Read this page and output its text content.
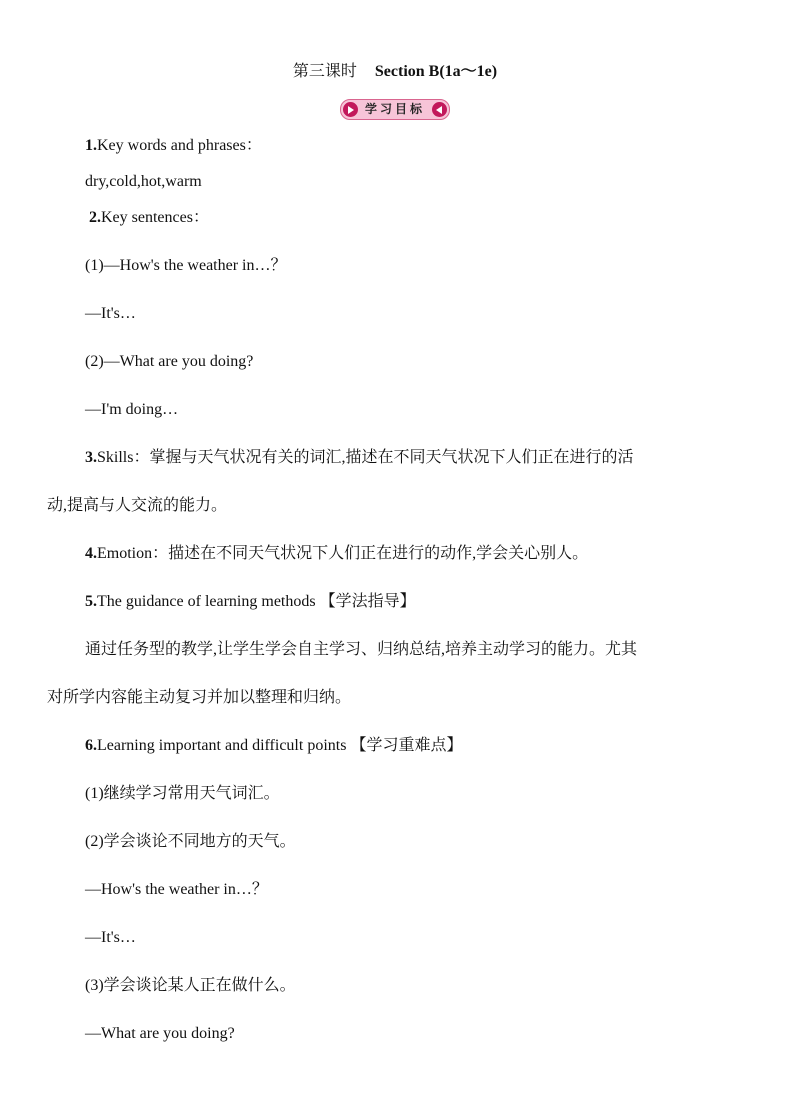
第三课时 Section B(1a～1e)
学习目标
1.Key words and phrases：
dry,cold,hot,warm
2.Key sentences：
(1)—How's the weather in…？
—It's…
(2)—What are you doing?
—I'm doing…
3.Skills：掌握与天气状况有关的词汇,描述在不同天气状况下人们正在进行的活
动,提高与人交流的能力。
4.Emotion：描述在不同天气状况下人们正在进行的动作,学会关心别人。
5.The guidance of learning methods 【学法指导】
通过任务型的教学,让学生学会自主学习、归纳总结,培养主动学习的能力。尤其
对所学内容能主动复习并加以整理和归纳。
6.Learning important and difficult points 【学习重难点】
(1)继续学习常用天气词汇。
(2)学会谈论不同地方的天气。
—How's the weather in…？
—It's…
(3)学会谈论某人正在做什么。
—What are you doing?
